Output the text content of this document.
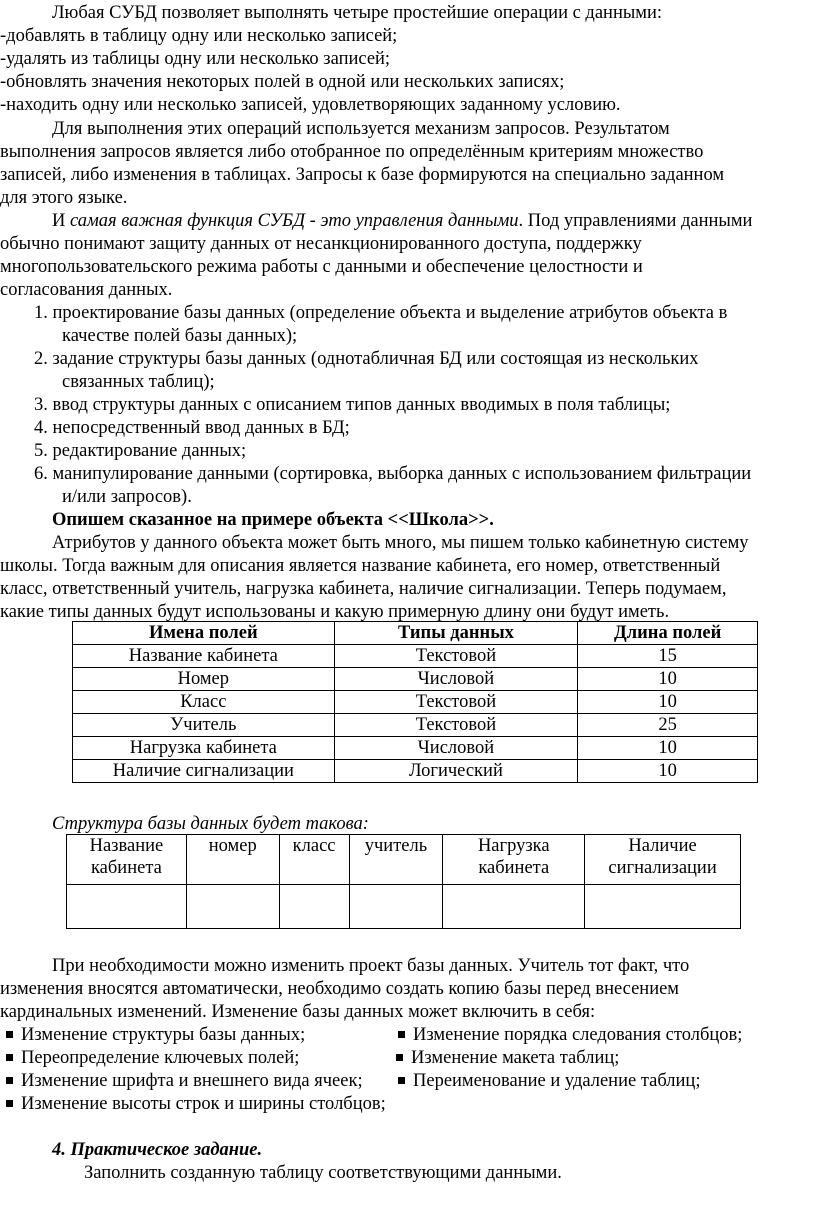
Любая СУБД позволяет выполнять четыре простейшие операции с данными:
-добавлять в таблицу одну или несколько записей;
-удалять из таблицы одну или несколько записей;
-обновлять значения некоторых полей в одной или нескольких записях;
-находить одну или несколько записей, удовлетворяющих заданному условию.
Для выполнения этих операций используется механизм запросов. Результатом
выполнения запросов является либо отобранное по определённым критериям множество
записей, либо изменения в таблицах. Запросы к базе формируются на специально заданном
для этого языке.
И самая важная функция СУБД - это управления данными. Под управлениями данными
обычно понимают защиту данных от несанкционированного доступа, поддержку
многопользовательского режима работы с данными и обеспечение целостности и
согласования данных.
1. проектирование базы данных (определение объекта и выделение атрибутов объекта в
качестве полей базы данных);
2. задание структуры базы данных (однотабличная БД или состоящая из нескольких
связанных таблиц);
3. ввод структуры данных с описанием типов данных вводимых в поля таблицы;
4. непосредственный ввод данных в БД;
5. редактирование данных;
6. манипулирование данными (сортировка, выборка данных с использованием фильтрации
и/или запросов).
Опишем сказанное на примере объекта <<Школа>>.
Атрибутов у данного объекта может быть много, мы пишем только кабинетную систему
школы. Тогда важным для описания является название кабинета, его номер, ответственный
класс, ответственный учитель, нагрузка кабинета, наличие сигнализации. Теперь подумаем,
какие типы данных будут использованы и какую примерную длину они будут иметь.
Имена полей	Типы данных	Длина полей
Название кабинета	Текстовой	15
Номер	Числовой	10
Класс	Текстовой	10
Учитель	Текстовой	25
Нагрузка кабинета	Числовой	10
Наличие сигнализации	Логический	10
Структура базы данных будет такова:
Название кабинета	номер	класс	учитель	Нагрузка кабинета	Наличие сигнализации

При необходимости можно изменить проект базы данных. Учитель тот факт, что
изменения вносятся автоматически, необходимо создать копию базы перед внесением
кардинальных изменений. Изменение базы данных может включить в себя:
Изменение структуры базы данных;	Изменение порядка следования столбцов;
Переопределение ключевых полей;	Изменение макета таблиц;
Изменение шрифта и внешнего вида ячеек;	Переименование и удаление таблиц;
Изменение высоты строк и ширины столбцов;
4. Практическое задание.
Заполнить созданную таблицу соответствующими данными.
